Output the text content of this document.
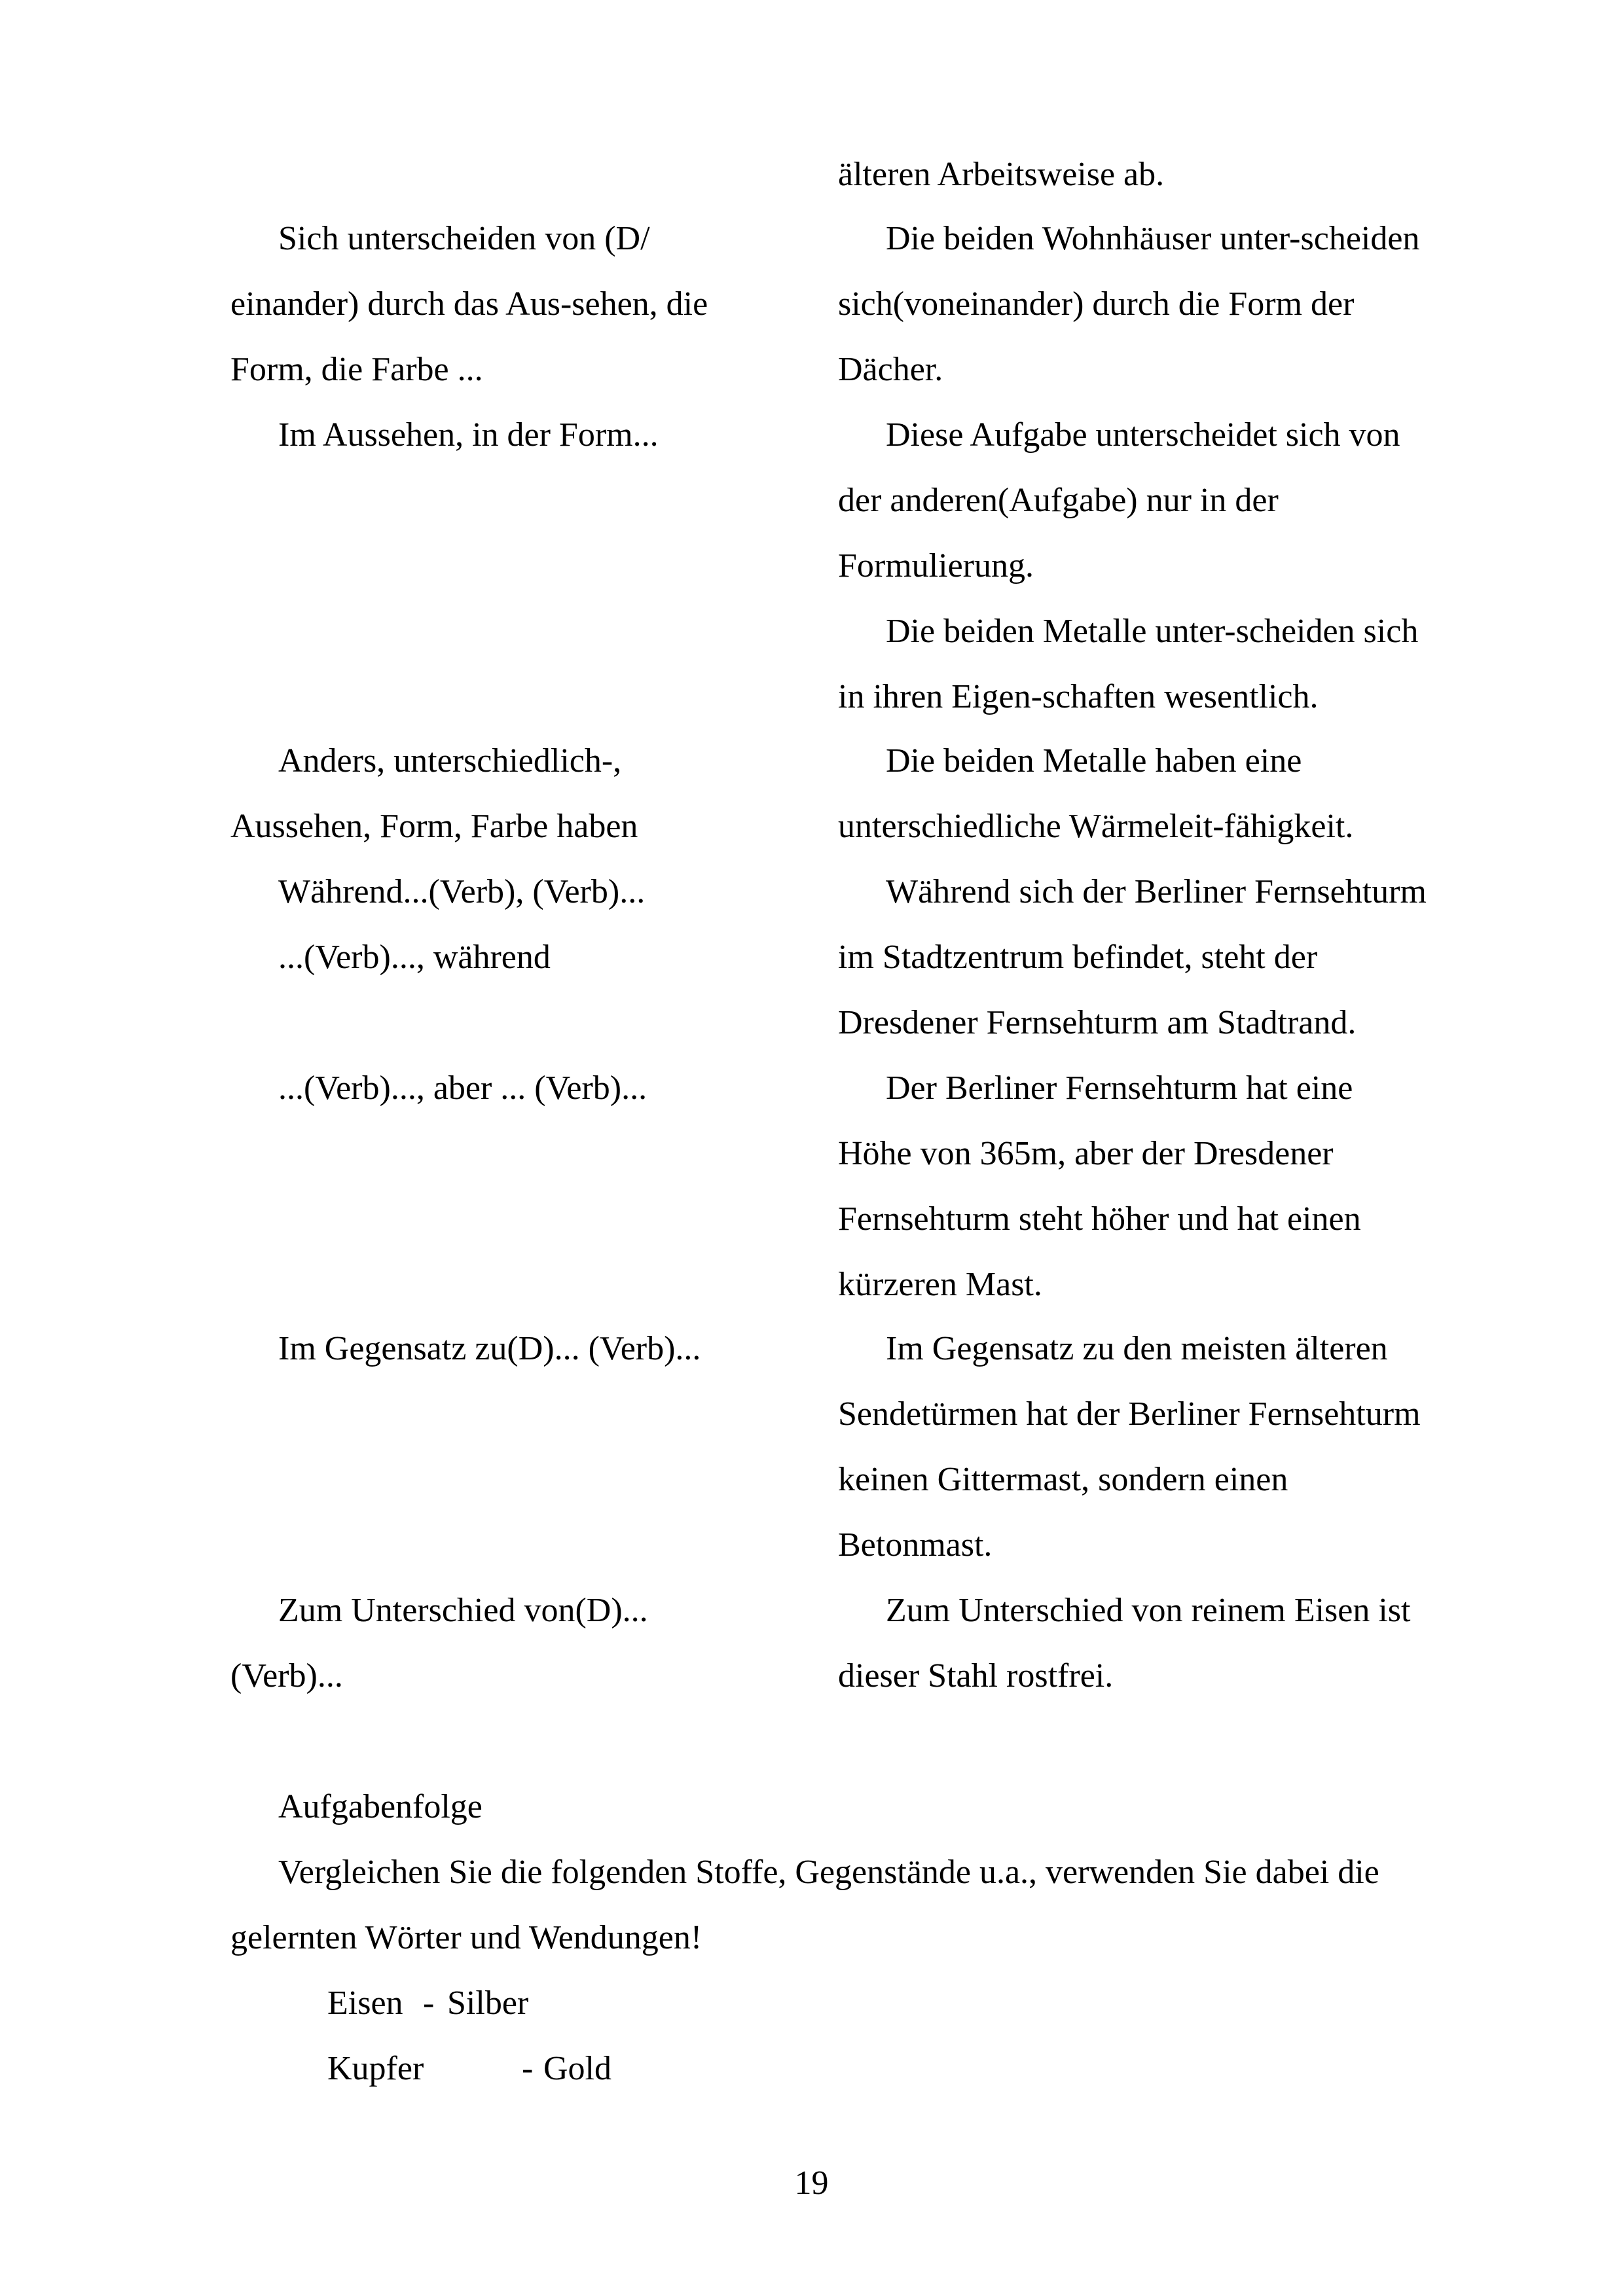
Sich unterscheiden von (D/
einander) durch das Aus-sehen, die
Form, die Farbe ...
Im Aussehen, in der Form...
Anders, unterschiedlich-,
Aussehen, Form, Farbe haben
Während...(Verb), (Verb)...
...(Verb)..., während
...(Verb)..., aber ... (Verb)...
Im Gegensatz zu(D)... (Verb)...
Zum Unterschied von(D)...
(Verb)...
älteren Arbeitsweise ab.
Die beiden Wohnhäuser unter-scheiden
sich(voneinander) durch die Form der
Dächer.
Diese Aufgabe unterscheidet sich von
der anderen(Aufgabe) nur in der
Formulierung.
Die beiden Metalle unter-scheiden sich
in ihren Eigen-schaften wesentlich.
Die beiden Metalle haben eine
unterschiedliche Wärmeleit-fähigkeit.
Während sich der Berliner Fernsehturm
im Stadtzentrum befindet, steht der
Dresdener Fernsehturm am Stadtrand.
Der Berliner Fernsehturm hat eine
Höhe von 365m, aber der Dresdener
Fernsehturm steht höher und hat einen
kürzeren Mast.
Im Gegensatz zu den meisten älteren
Sendetürmen hat der Berliner Fernsehturm
keinen Gittermast, sondern einen
Betonmast.
Zum Unterschied von reinem Eisen ist
dieser Stahl rostfrei.
Aufgabenfolge
Vergleichen Sie die folgenden Stoffe, Gegenstände u.a., verwenden Sie dabei die
gelernten Wörter und Wendungen!
Eisen - Silber
Kupfer	- Gold
19
